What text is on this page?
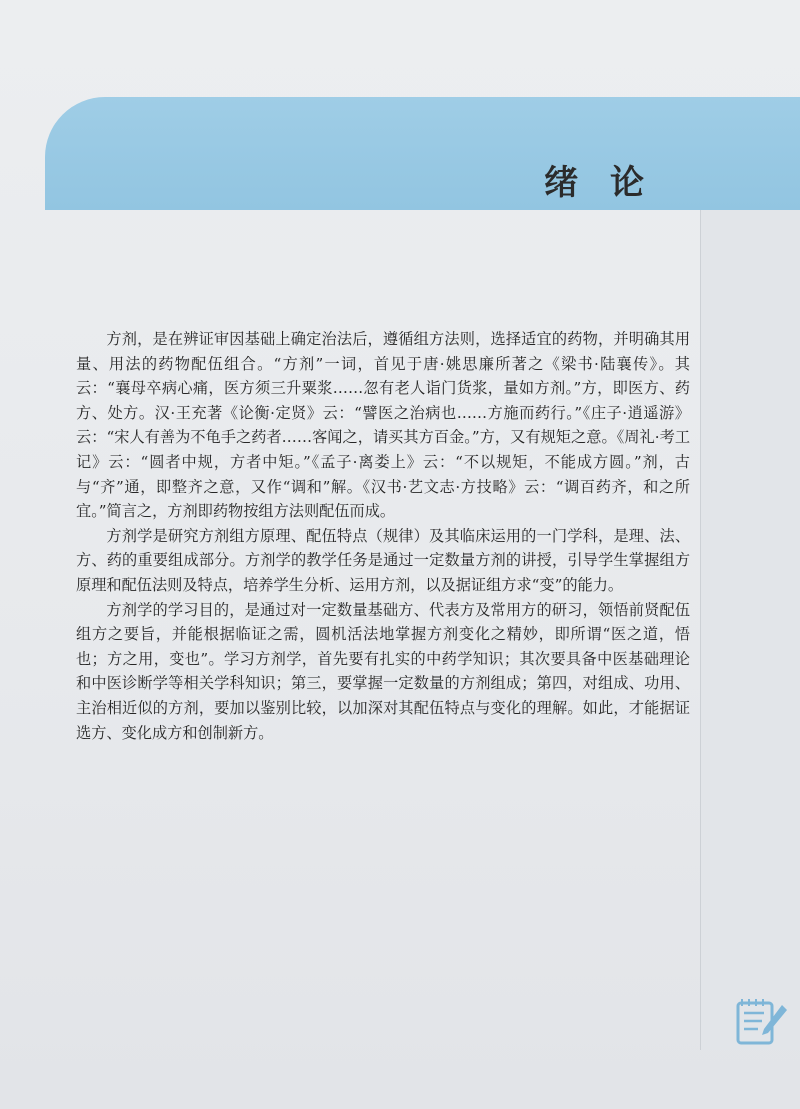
绪 论

方剂，是在辨证审因基础上确定治法后，遵循组方法则，选择适宜的药物，并明确其用量、用法的药物配伍组合。“方剂”一词，首见于唐·姚思廉所著之《梁书·陆襄传》。其云：“襄母卒病心痛，医方须三升粟浆……忽有老人诣门货浆，量如方剂。”方，即医方、药方、处方。汉·王充著《论衡·定贤》云：“譬医之治病也……方施而药行。”《庄子·逍遥游》云：“宋人有善为不龟手之药者……客闻之，请买其方百金。”方，又有规矩之意。《周礼·考工记》云：“圆者中规，方者中矩。”《孟子·离娄上》云：“不以规矩，不能成方圆。”剂，古与“齐”通，即整齐之意，又作“调和”解。《汉书·艺文志·方技略》云：“调百药齐，和之所宜。”简言之，方剂即药物按组方法则配伍而成。

方剂学是研究方剂组方原理、配伍特点（规律）及其临床运用的一门学科，是理、法、方、药的重要组成部分。方剂学的教学任务是通过一定数量方剂的讲授，引导学生掌握组方原理和配伍法则及特点，培养学生分析、运用方剂，以及据证组方求“变”的能力。

方剂学的学习目的，是通过对一定数量基础方、代表方及常用方的研习，领悟前贤配伍组方之要旨，并能根据临证之需，圆机活法地掌握方剂变化之精妙，即所谓“医之道，悟也；方之用，变也”。学习方剂学，首先要有扎实的中药学知识；其次要具备中医基础理论和中医诊断学等相关学科知识；第三，要掌握一定数量的方剂组成；第四，对组成、功用、主治相近似的方剂，要加以鉴别比较，以加深对其配伍特点与变化的理解。如此，才能据证选方、变化成方和创制新方。
